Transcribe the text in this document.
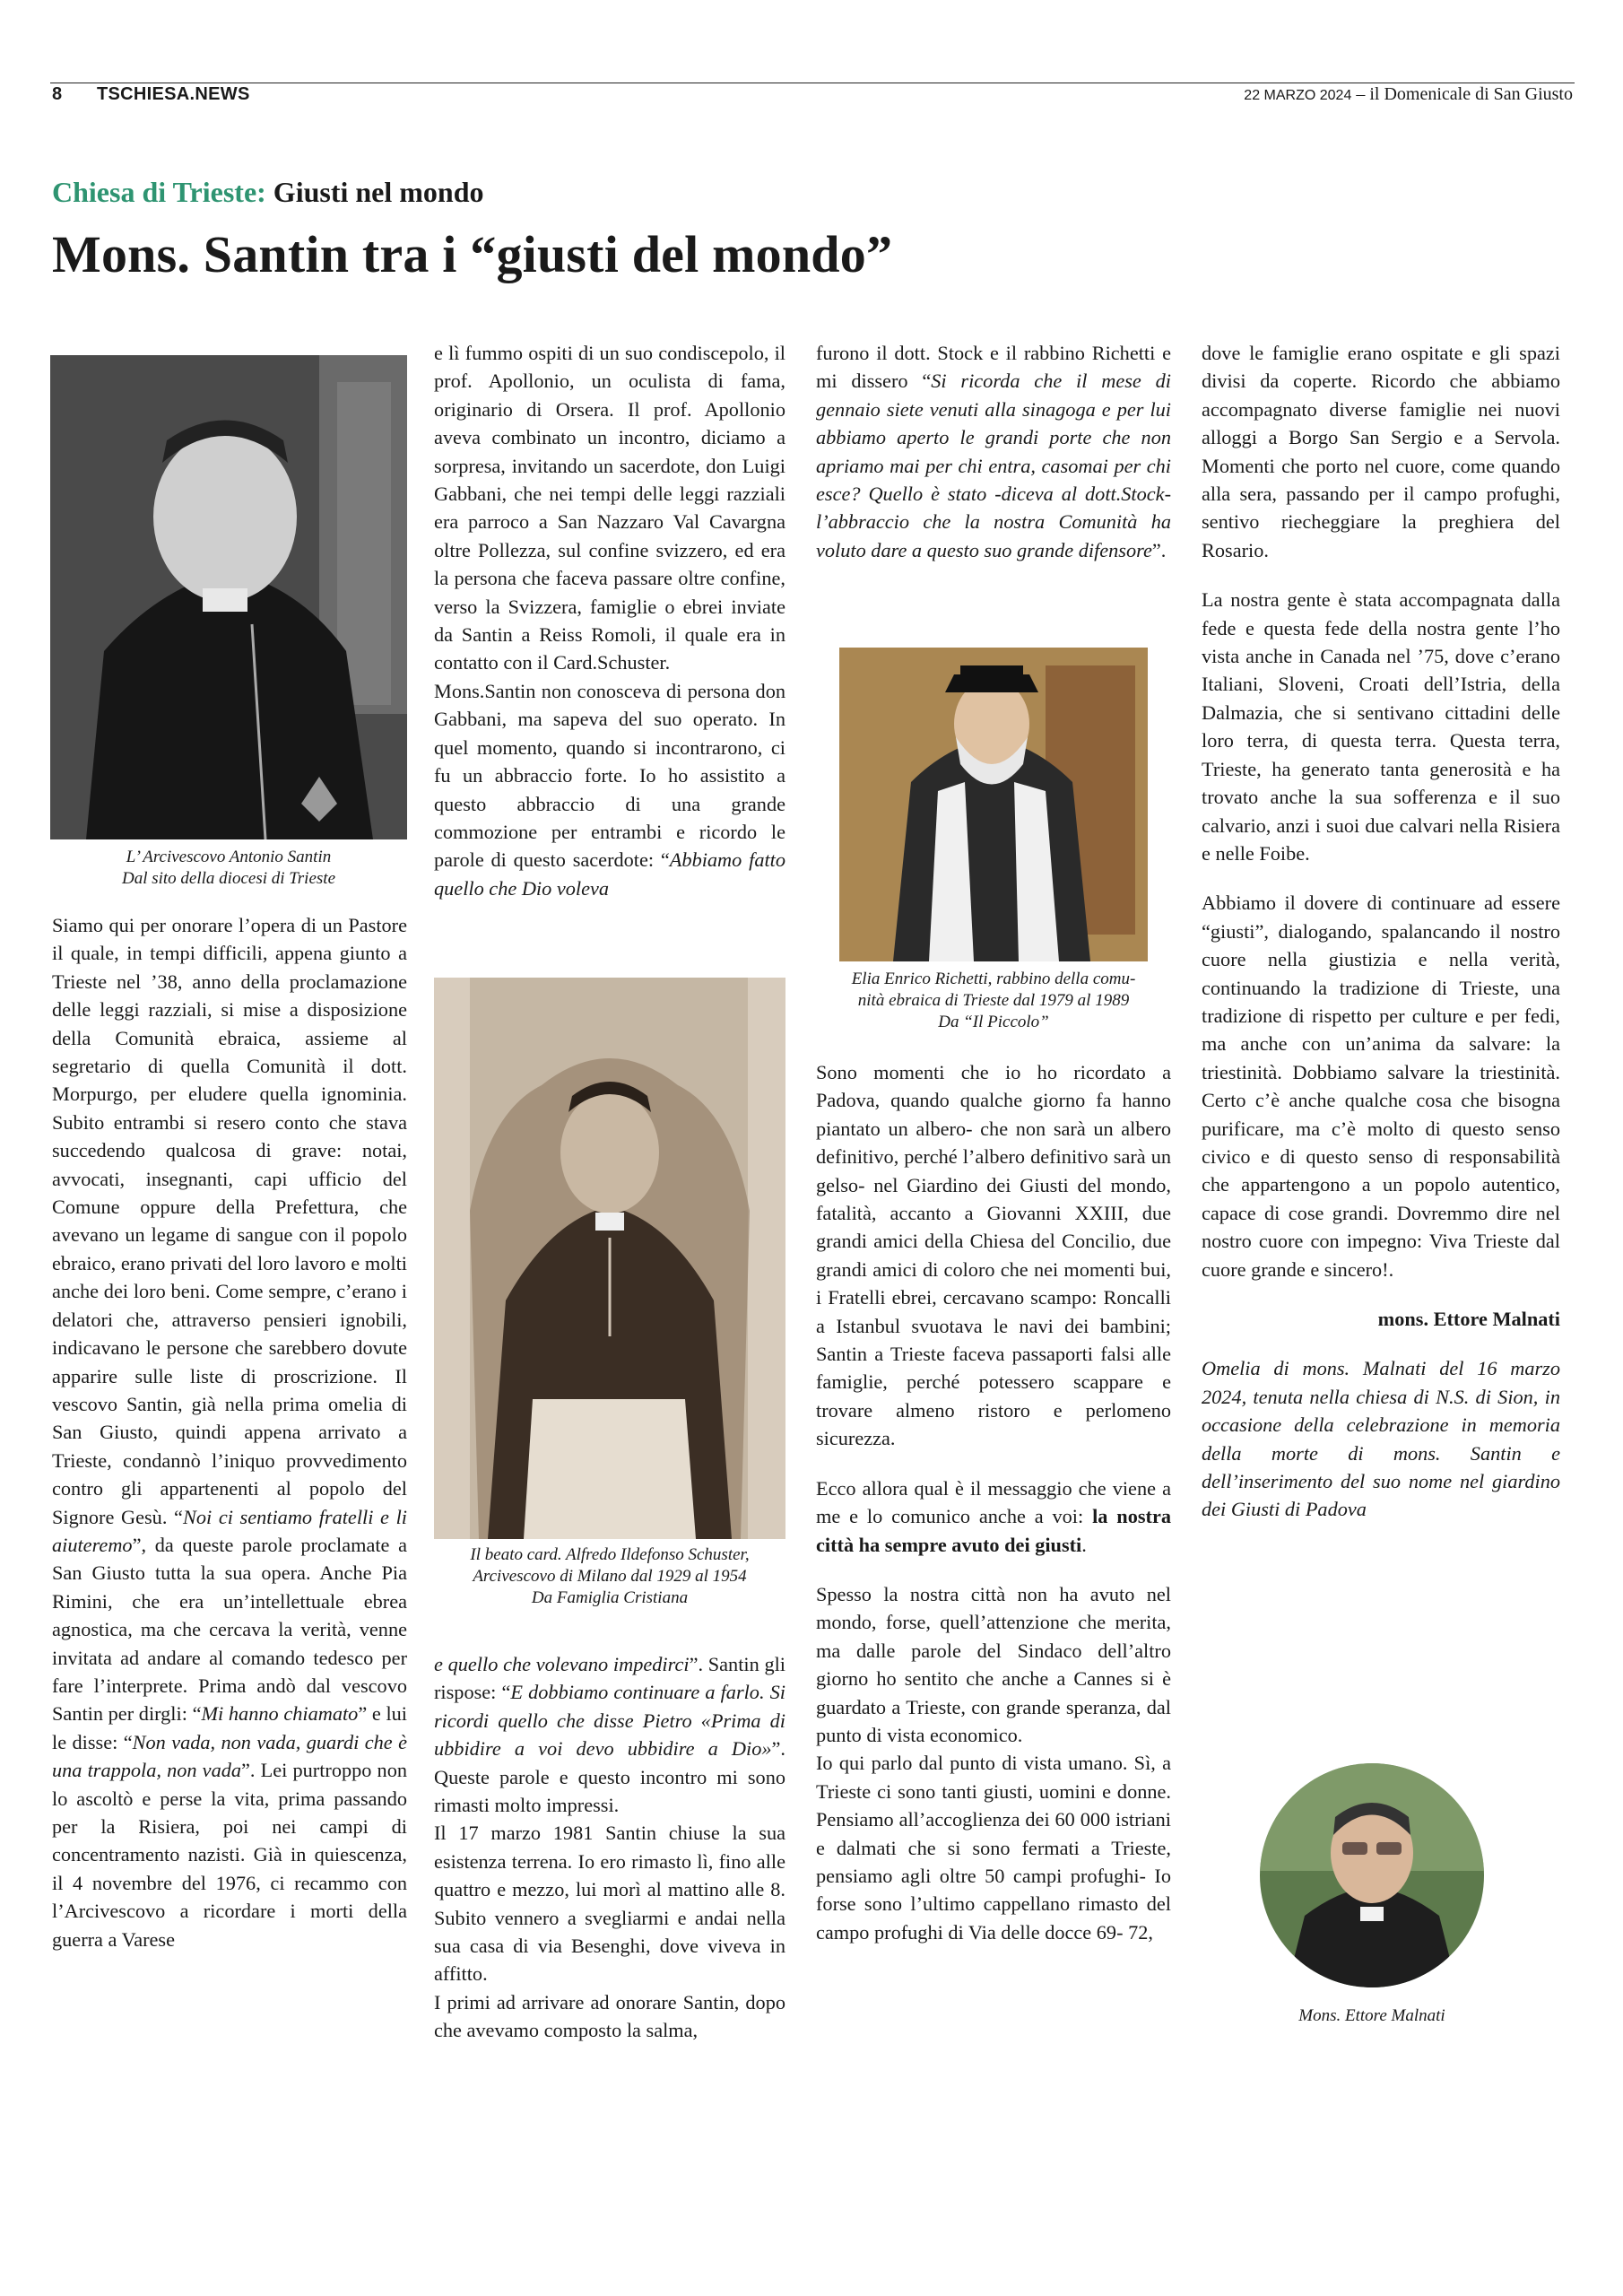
8 TSCHIESA.NEWS	22 MARZO 2024 – il Domenicale di San Giusto
Chiesa di Trieste: Giusti nel mondo
Mons. Santin tra i “giusti del mondo”
L’ Arcivescovo Antonio Santin
Dal sito della diocesi di Trieste

Siamo qui per onorare l’opera di un Pastore il quale, in tempi difficili, appena giunto a Trieste nel ’38, anno della proclamazione delle leggi razziali, si mise a disposizione della Comunità ebraica, assieme al segretario di quella Comunità il dott. Morpurgo, per eludere quella ignominia. Subito entrambi si resero conto che stava succedendo qualcosa di grave: notai, avvocati, insegnanti, capi ufficio del Comune oppure della Prefettura, che avevano un legame di sangue con il popolo ebraico, erano privati del loro lavoro e molti anche dei loro beni. Come sempre, c’erano i delatori che, attraverso pensieri ignobili, indicavano le persone che sarebbero dovute apparire sulle liste di proscrizione. Il vescovo Santin, già nella prima omelia di San Giusto, quindi appena arrivato a Trieste, condannò l’iniquo provvedimento contro gli appartenenti al popolo del Signore Gesù. “Noi ci sentiamo fratelli e li aiuteremo”, da queste parole proclamate a San Giusto tutta la sua opera. Anche Pia Rimini, che era un’intellettuale ebrea agnostica, ma che cercava la verità, venne invitata ad andare al comando tedesco per fare l’interprete. Prima andò dal vescovo Santin per dirgli: “Mi hanno chiamato” e lui le disse: “Non vada, non vada, guardi che è una trappola, non vada”. Lei purtroppo non lo ascoltò e perse la vita, prima passando per la Risiera, poi nei campi di concentramento nazisti. Già in quiescenza, il 4 novembre del 1976, ci recammo con l’Arcivescovo a ricordare i morti della guerra a Varese

e lì fummo ospiti di un suo condiscepolo, il prof. Apollonio, un oculista di fama, originario di Orsera. Il prof. Apollonio aveva combinato un incontro, diciamo a sorpresa, invitando un sacerdote, don Luigi Gabbani, che nei tempi delle leggi razziali era parroco a San Nazzaro Val Cavargna oltre Pollezza, sul confine svizzero, ed era la persona che faceva passare oltre confine, verso la Svizzera, famiglie o ebrei inviate da Santin a Reiss Romoli, il quale era in contatto con il Card.Schuster.

Mons.Santin non conosceva di persona don Gabbani, ma sapeva del suo operato. In quel momento, quando si incontrarono, ci fu un abbraccio forte. Io ho assistito a questo abbraccio di una grande commozione per entrambi e ricordo le parole di questo sacerdote: “Abbiamo fatto quello che Dio voleva

Il beato card. Alfredo Ildefonso Schuster,
Arcivescovo di Milano dal 1929 al 1954
Da Famiglia Cristiana

e quello che volevano impedirci”. Santin gli rispose: “E dobbiamo continuare a farlo. Si ricordi quello che disse Pietro «Prima di ubbidire a voi devo ubbidire a Dio»”. Queste parole e questo incontro mi sono rimasti molto impressi.

Il 17 marzo 1981 Santin chiuse la sua esistenza terrena. Io ero rimasto lì, fino alle quattro e mezzo, lui morì al mattino alle 8. Subito vennero a svegliarmi e andai nella sua casa di via Besenghi, dove viveva in affitto.

I primi ad arrivare ad onorare Santin, dopo che avevamo composto la salma,

furono il dott. Stock e il rabbino Richetti e mi dissero “Si ricorda che il mese di gennaio siete venuti alla sinagoga e per lui abbiamo aperto le grandi porte che non apriamo mai per chi entra, casomai per chi esce? Quello è stato -diceva al dott.Stock- l’abbraccio che la nostra Comunità ha voluto dare a questo suo grande difensore”.

Elia Enrico Richetti, rabbino della comu-
nità ebraica di Trieste dal 1979 al 1989
Da “Il Piccolo”

Sono momenti che io ho ricordato a Padova, quando qualche giorno fa hanno piantato un albero- che non sarà un albero definitivo, perché l’albero definitivo sarà un gelso- nel Giardino dei Giusti del mondo, fatalità, accanto a Giovanni XXIII, due grandi amici della Chiesa del Concilio, due grandi amici di coloro che nei momenti bui, i Fratelli ebrei, cercavano scampo: Roncalli a Istanbul svuotava le navi dei bambini; Santin a Trieste faceva passaporti falsi alle famiglie, perché potessero scappare e trovare almeno ristoro e perlomeno sicurezza.

Ecco allora qual è il messaggio che viene a me e lo comunico anche a voi: la nostra città ha sempre avuto dei giusti.

Spesso la nostra città non ha avuto nel mondo, forse, quell’attenzione che merita, ma dalle parole del Sindaco dell’altro giorno ho sentito che anche a Cannes si è guardato a Trieste, con grande speranza, dal punto di vista economico.

Io qui parlo dal punto di vista umano. Sì, a Trieste ci sono tanti giusti, uomini e donne. Pensiamo all’accoglienza dei 60 000 istriani e dalmati che si sono fermati a Trieste, pensiamo agli oltre 50 campi profughi- Io forse sono l’ultimo cappellano rimasto del campo profughi di Via delle docce 69- 72,

dove le famiglie erano ospitate e gli spazi divisi da coperte. Ricordo che abbiamo accompagnato diverse famiglie nei nuovi alloggi a Borgo San Sergio e a Servola. Momenti che porto nel cuore, come quando alla sera, passando per il campo profughi, sentivo riecheggiare la preghiera del Rosario.

La nostra gente è stata accompagnata dalla fede e questa fede della nostra gente l’ho vista anche in Canada nel ’75, dove c’erano Italiani, Sloveni, Croati dell’Istria, della Dalmazia, che si sentivano cittadini delle loro terra, di questa terra. Questa terra, Trieste, ha generato tanta generosità e ha trovato anche la sua sofferenza e il suo calvario, anzi i suoi due calvari nella Risiera e nelle Foibe.

Abbiamo il dovere di continuare ad essere “giusti”, dialogando, spalancando il nostro cuore nella giustizia e nella verità, continuando la tradizione di Trieste, una tradizione di rispetto per culture e per fedi, ma anche con un’anima da salvare: la triestinità. Dobbiamo salvare la triestinità. Certo c’è anche qualche cosa che bisogna purificare, ma c’è molto di questo senso civico e di questo senso di responsabilità che appartengono a un popolo autentico, capace di cose grandi. Dovremmo dire nel nostro cuore con impegno: Viva Trieste dal cuore grande e sincero!.

mons. Ettore Malnati

Omelia di mons. Malnati del 16 marzo 2024, tenuta nella chiesa di N.S. di Sion, in occasione della celebrazione in memoria della morte di mons. Santin e dell’inserimento del suo nome nel giardino dei Giusti di Padova

Mons. Ettore Malnati
